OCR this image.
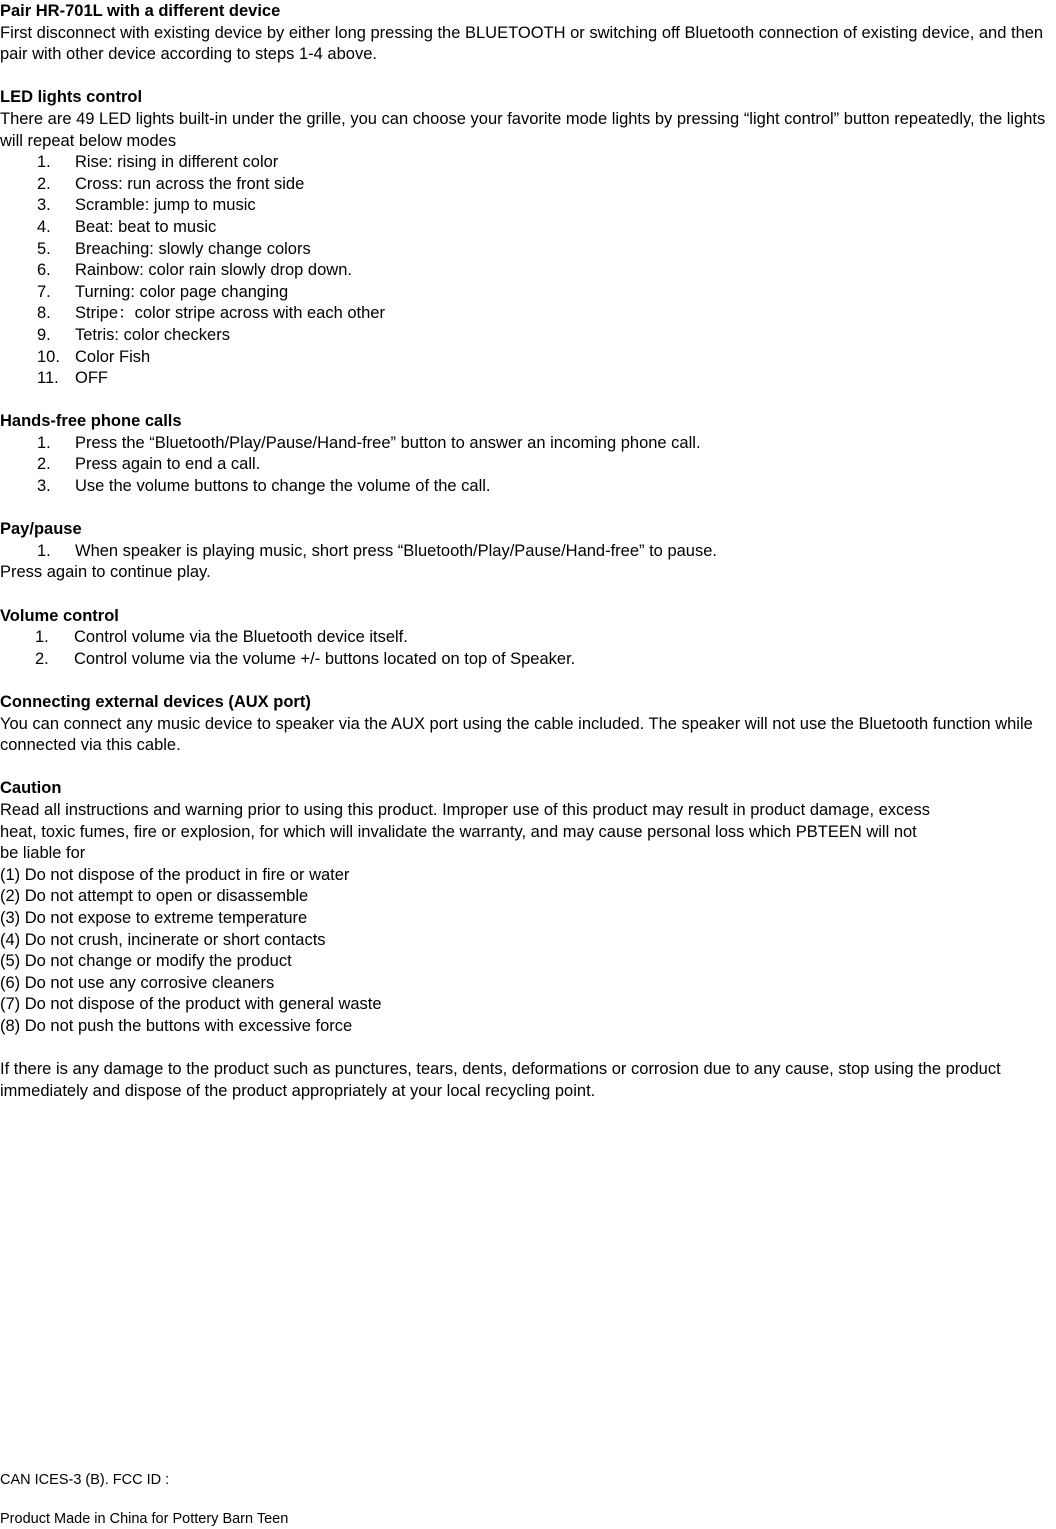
Pair HR-701L with a different device
First disconnect with existing device by either long pressing the BLUETOOTH or switching off Bluetooth connection of existing device, and then pair with other device according to steps 1-4 above.
LED lights control
There are 49 LED lights built-in under the grille, you can choose your favorite mode lights by pressing “light control” button repeatedly, the lights will repeat below modes
1. Rise: rising in different color
2. Cross: run across the front side
3. Scramble: jump to music
4. Beat: beat to music
5. Breaching: slowly change colors
6. Rainbow: color rain slowly drop down.
7. Turning: color page changing
8. Stripe：color stripe across with each other
9. Tetris: color checkers
10. Color Fish
11. OFF
Hands-free phone calls
1. Press the “Bluetooth/Play/Pause/Hand-free” button to answer an incoming phone call.
2. Press again to end a call.
3. Use the volume buttons to change the volume of the call.
Pay/pause
1. When speaker is playing music, short press “Bluetooth/Play/Pause/Hand-free” to pause.
Press again to continue play.
Volume control
1. Control volume via the Bluetooth device itself.
2. Control volume via the volume +/- buttons located on top of Speaker.
Connecting external devices (AUX port)
You can connect any music device to speaker via the AUX port using the cable included. The speaker will not use the Bluetooth function while connected via this cable.
Caution
Read all instructions and warning prior to using this product. Improper use of this product may result in product damage, excess
heat, toxic fumes, fire or explosion, for which will invalidate the warranty, and may cause personal loss which PBTEEN will not
be liable for
(1) Do not dispose of the product in fire or water
(2) Do not attempt to open or disassemble
(3) Do not expose to extreme temperature
(4) Do not crush, incinerate or short contacts
(5) Do not change or modify the product
(6) Do not use any corrosive cleaners
(7) Do not dispose of the product with general waste
(8) Do not push the buttons with excessive force
If there is any damage to the product such as punctures, tears, dents, deformations or corrosion due to any cause, stop using the product immediately and dispose of the product appropriately at your local recycling point.
CAN ICES-3 (B). FCC ID :
Product Made in China for Pottery Barn Teen
